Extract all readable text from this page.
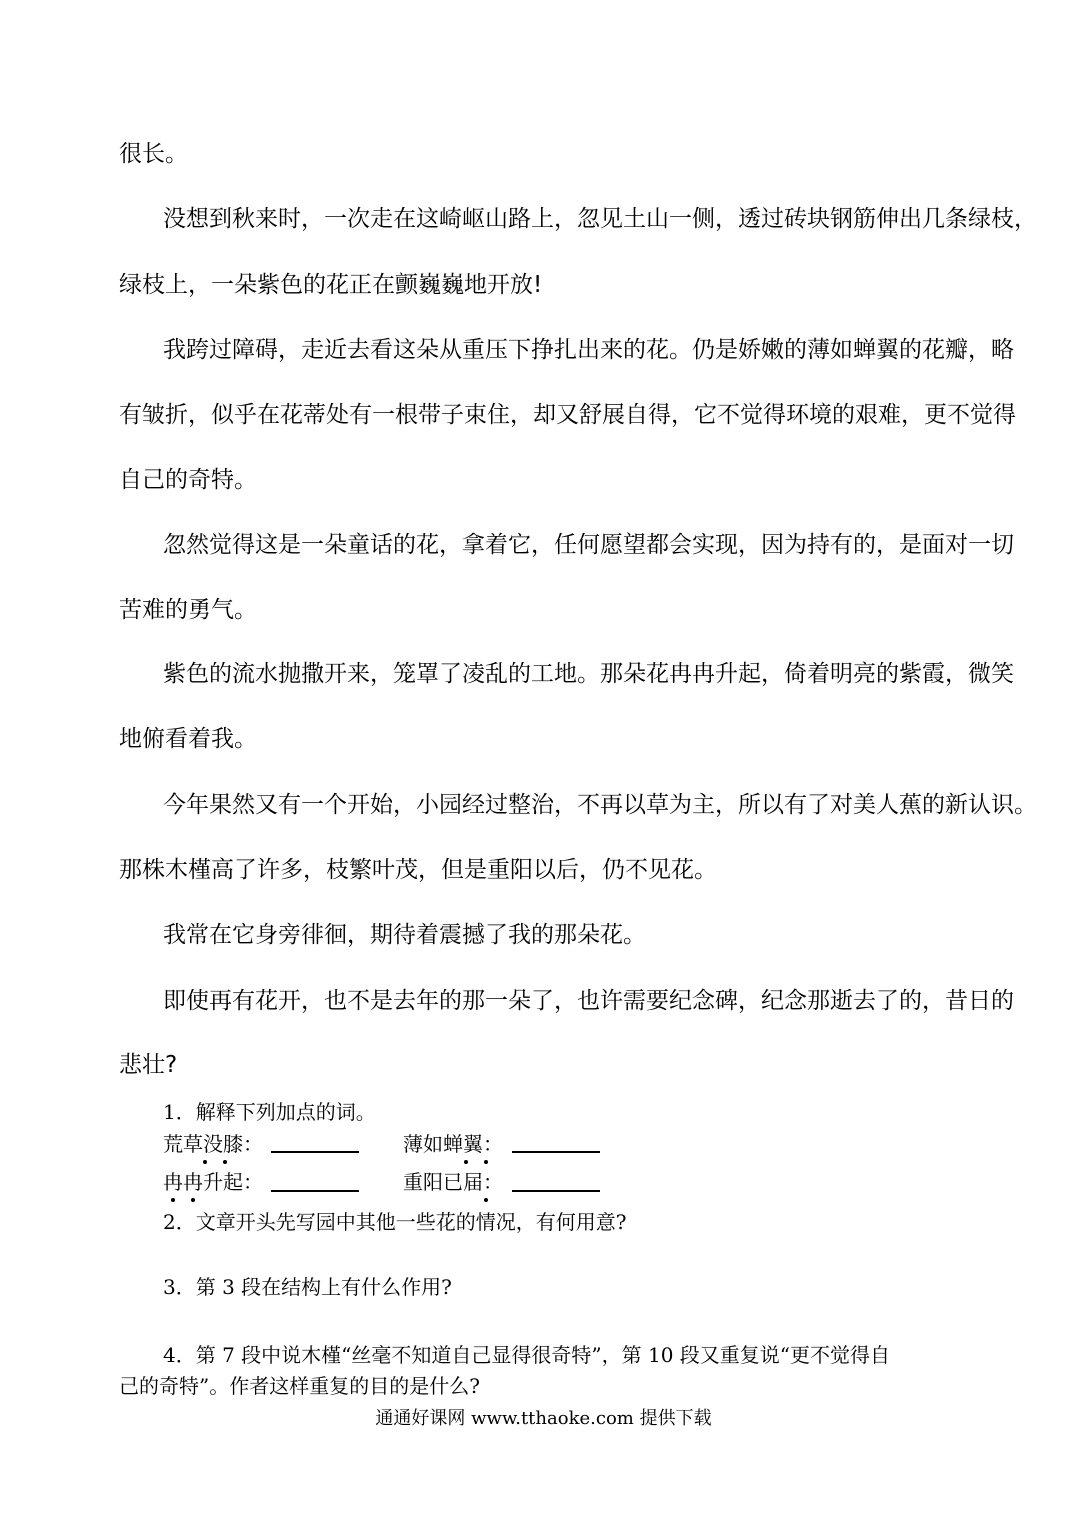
很长。
没想到秋来时，一次走在这崎岖山路上，忽见土山一侧，透过砖块钢筋伸出几条绿枝，
绿枝上，一朵紫色的花正在颤巍巍地开放!
我跨过障碍，走近去看这朵从重压下挣扎出来的花。仍是娇嫩的薄如蝉翼的花瓣，略
有皱折，似乎在花蒂处有一根带子束住，却又舒展自得，它不觉得环境的艰难，更不觉得
自己的奇特。
忽然觉得这是一朵童话的花，拿着它，任何愿望都会实现，因为持有的，是面对一切
苦难的勇气。
紫色的流水抛撒开来，笼罩了凌乱的工地。那朵花冉冉升起，倚着明亮的紫霞，微笑
地俯看着我。
今年果然又有一个开始，小园经过整治，不再以草为主，所以有了对美人蕉的新认识。
那株木槿高了许多，枝繁叶茂，但是重阳以后，仍不见花。
我常在它身旁徘徊，期待着震撼了我的那朵花。
即使再有花开，也不是去年的那一朵了，也许需要纪念碑，纪念那逝去了的，昔日的
悲壮?
1．解释下列加点的词。
荒草没膝：	薄如蝉翼：
冉冉升起：	重阳已届：
2．文章开头先写园中其他一些花的情况，有何用意?
3．第 3 段在结构上有什么作用?
4．第 7 段中说木槿“丝毫不知道自己显得很奇特”，第 10 段又重复说“更不觉得自
己的奇特”。作者这样重复的目的是什么?
通通好课网 www.tthaoke.com 提供下载
